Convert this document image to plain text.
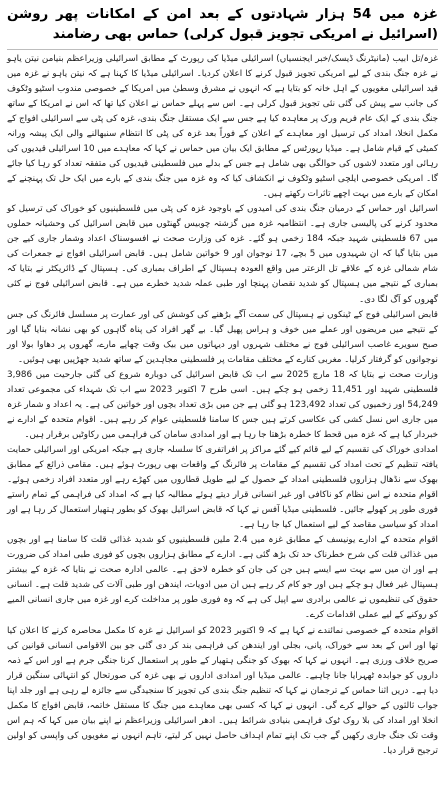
غزہ میں 54 ہزار شہادتوں کے بعد امن کے امکانات پھر روشن (اسرائیل نے امریکی تجویز قبول کرلی) حماس بھی رضامند

غزہ/تل ابیب (مانیٹرنگ ڈیسک/خبر ایجنسیاں) اسرائیلی میڈیا کی رپورٹ کے مطابق اسرائیلی وزیراعظم بنیامن نیتن یاہو نے غزہ جنگ بندی کے لیے امریکی تجویز قبول کرنے کا اعلان کردیا۔ اسرائیلی میڈیا کا کہنا ہے کہ نیتن یاہو نے غزہ میں قید اسرائیلی مغویوں کے اہل خانہ کو بتایا ہے کہ انہوں نے مشرق وسطیٰ میں امریکا کے خصوصی مندوب اسٹیو وٹکوف کی جانب سے پیش کی گئی نئی تجویز قبول کرلی ہے۔ اس سے پہلے حماس نے اعلان کیا تھا کہ اس نے امریکا کے ساتھ جنگ بندی کے ایک عام فریم ورک پر معاہدہ کیا ہے جس سے ایک مستقل جنگ بندی، غزہ کی پٹی سے اسرائیلی افواج کے مکمل انخلا، امداد کی ترسیل اور معاہدے کے اعلان کے فوراً بعد غزہ کی پٹی کا انتظام سنبھالنے والی ایک پیشہ ورانہ کمیٹی کے قیام شامل ہے۔ میڈیا رپورٹس کے مطابق ایک بیان میں حماس نے کہا کہ معاہدے میں 10 اسرائیلی قیدیوں کی رہائی اور متعدد لاشوں کی حوالگی بھی شامل ہے جس کے بدلے میں فلسطینی قیدیوں کی متفقہ تعداد کو رہا کیا جائے گا۔ امریکی خصوصی ایلچی اسٹیو وٹکوف نے انکشاف کیا کہ وہ غزہ میں جنگ بندی کے بارے میں ایک حل تک پہنچنے کے امکان کے بارے میں بہت اچھے تاثرات رکھتے ہیں۔

اسرائیل اور حماس کے درمیان جنگ بندی کی امیدوں کے باوجود غزہ کی پٹی میں فلسطینیوں کو خوراک کی ترسیل کو محدود کرنے کی پالیسی جاری ہے۔ انتظامیہ غزہ میں گزشتہ چوبیس گھنٹوں میں قابض اسرائیل کی وحشیانہ حملوں میں 67 فلسطینی شہید جبکہ 184 زخمی ہو گئے۔ غزہ کی وزارت صحت نے افسوسناک اعداد وشمار جاری کیے جن میں بتایا گیا کہ ان شہیدوں میں 5 بچے، 17 نوجوان اور 9 خواتین شامل ہیں۔ قابض اسرائیلی افواج نے جمعرات کی شام شمالی غزہ کے علاقے تل الزعتر میں واقع العودہ ہسپتال کے اطراف بمباری کی۔ ہسپتال کے ڈائریکٹر نے بتایا کہ بمباری کے نتیجے میں ہسپتال کو شدید نقصان پہنچا اور طبی عملہ شدید خطرے میں ہے۔ قابض اسرائیلی فوج نے کئی گھروں کو آگ لگا دی۔

قابض اسرائیلی فوج کے ٹینکوں نے ہسپتال کی سمت آگے بڑھنے کی کوشش کی اور عمارت پر مسلسل فائرنگ کی جس کے نتیجے میں مریضوں اور عملے میں خوف و ہراس پھیل گیا۔ بے گھر افراد کی پناہ گاہوں کو بھی نشانہ بنایا گیا اور صبح سویرے غاصب اسرائیلی فوج نے مختلف شہروں اور دیہاتوں میں بیک وقت چھاپے مارے، گھروں پر دھاوا بولا اور نوجوانوں کو گرفتار کرلیا۔ مغربی کنارے کے مختلف مقامات پر فلسطینی مجاہدین کے ساتھ شدید جھڑپیں بھی ہوئیں۔

وزارت صحت نے بتایا کہ 18 مارچ 2025 سے اب تک قابض اسرائیل کی دوبارہ شروع کی گئی جارحیت میں 3,986 فلسطینی شہید اور 11,451 زخمی ہو چکے ہیں۔ اسی طرح 7 اکتوبر 2023 سے اب تک شہداء کی مجموعی تعداد 54,249 اور زخمیوں کی تعداد 123,492 ہو گئی ہے جن میں بڑی تعداد بچوں اور خواتین کی ہے۔ یہ اعداد و شمار غزہ میں جاری اس نسل کشی کی عکاسی کرتے ہیں جس کا سامنا فلسطینی عوام کر رہے ہیں۔ اقوام متحدہ کے ادارے نے خبردار کیا ہے کہ غزہ میں قحط کا خطرہ بڑھتا جا رہا ہے اور امدادی سامان کی فراہمی میں رکاوٹیں برقرار ہیں۔

امدادی خوراک کی تقسیم کے لیے قائم کیے گئے مراکز پر افراتفری کا سلسلہ جاری ہے جبکہ امریکی اور اسرائیلی حمایت یافتہ تنظیم کے تحت امداد کی تقسیم کے مقامات پر فائرنگ کے واقعات بھی رپورٹ ہوئے ہیں۔ مقامی ذرائع کے مطابق بھوک سے نڈھال ہزاروں فلسطینی امداد کے حصول کے لیے طویل قطاروں میں کھڑے رہے اور متعدد افراد زخمی ہوئے۔ اقوام متحدہ نے اس نظام کو ناکافی اور غیر انسانی قرار دیتے ہوئے مطالبہ کیا ہے کہ امداد کی فراہمی کے تمام راستے فوری طور پر کھولے جائیں۔ فلسطینی میڈیا آفس نے کہا کہ قابض اسرائیل بھوک کو بطور ہتھیار استعمال کر رہا ہے اور امداد کو سیاسی مقاصد کے لیے استعمال کیا جا رہا ہے۔

اقوام متحدہ کے ادارے یونیسف کے مطابق غزہ میں 2.4 ملین فلسطینیوں کو شدید غذائی قلت کا سامنا ہے اور بچوں میں غذائی قلت کی شرح خطرناک حد تک بڑھ گئی ہے۔ ادارے کے مطابق ہزاروں بچوں کو فوری طبی امداد کی ضرورت ہے اور ان میں سے بہت سے ایسے ہیں جن کی جان کو خطرہ لاحق ہے۔ عالمی ادارہ صحت نے بتایا کہ غزہ کے بیشتر ہسپتال غیر فعال ہو چکے ہیں اور جو کام کر رہے ہیں ان میں ادویات، ایندھن اور طبی آلات کی شدید قلت ہے۔ انسانی حقوق کی تنظیموں نے عالمی برادری سے اپیل کی ہے کہ وہ فوری طور پر مداخلت کرے اور غزہ میں جاری انسانی المیے کو روکنے کے لیے عملی اقدامات کرے۔

اقوام متحدہ کے خصوصی نمائندے نے کہا ہے کہ 9 اکتوبر 2023 کو اسرائیل نے غزہ کا مکمل محاصرہ کرنے کا اعلان کیا تھا اور اس کے بعد سے خوراک، پانی، بجلی اور ایندھن کی فراہمی بند کر دی گئی جو بین الاقوامی انسانی قوانین کی صریح خلاف ورزی ہے۔ انہوں نے کہا کہ بھوک کو جنگی ہتھیار کے طور پر استعمال کرنا جنگی جرم ہے اور اس کے ذمہ داروں کو جوابدہ ٹھہرایا جانا چاہیے۔ عالمی میڈیا اور امدادی اداروں نے بھی غزہ کی صورتحال کو انتہائی سنگین قرار دیا ہے۔ دریں اثنا حماس کے ترجمان نے کہا کہ تنظیم جنگ بندی کی تجویز کا سنجیدگی سے جائزہ لے رہی ہے اور جلد اپنا جواب ثالثوں کے حوالے کرے گی۔ انہوں نے کہا کہ کسی بھی معاہدے میں جنگ کا مستقل خاتمہ، قابض افواج کا مکمل انخلا اور امداد کی بلا روک ٹوک فراہمی بنیادی شرائط ہیں۔ ادھر اسرائیلی وزیراعظم نے اپنے بیان میں کہا کہ ہم اس وقت تک جنگ جاری رکھیں گے جب تک اپنے تمام اہداف حاصل نہیں کر لیتے، تاہم انہوں نے مغویوں کی واپسی کو اولین ترجیح قرار دیا۔
